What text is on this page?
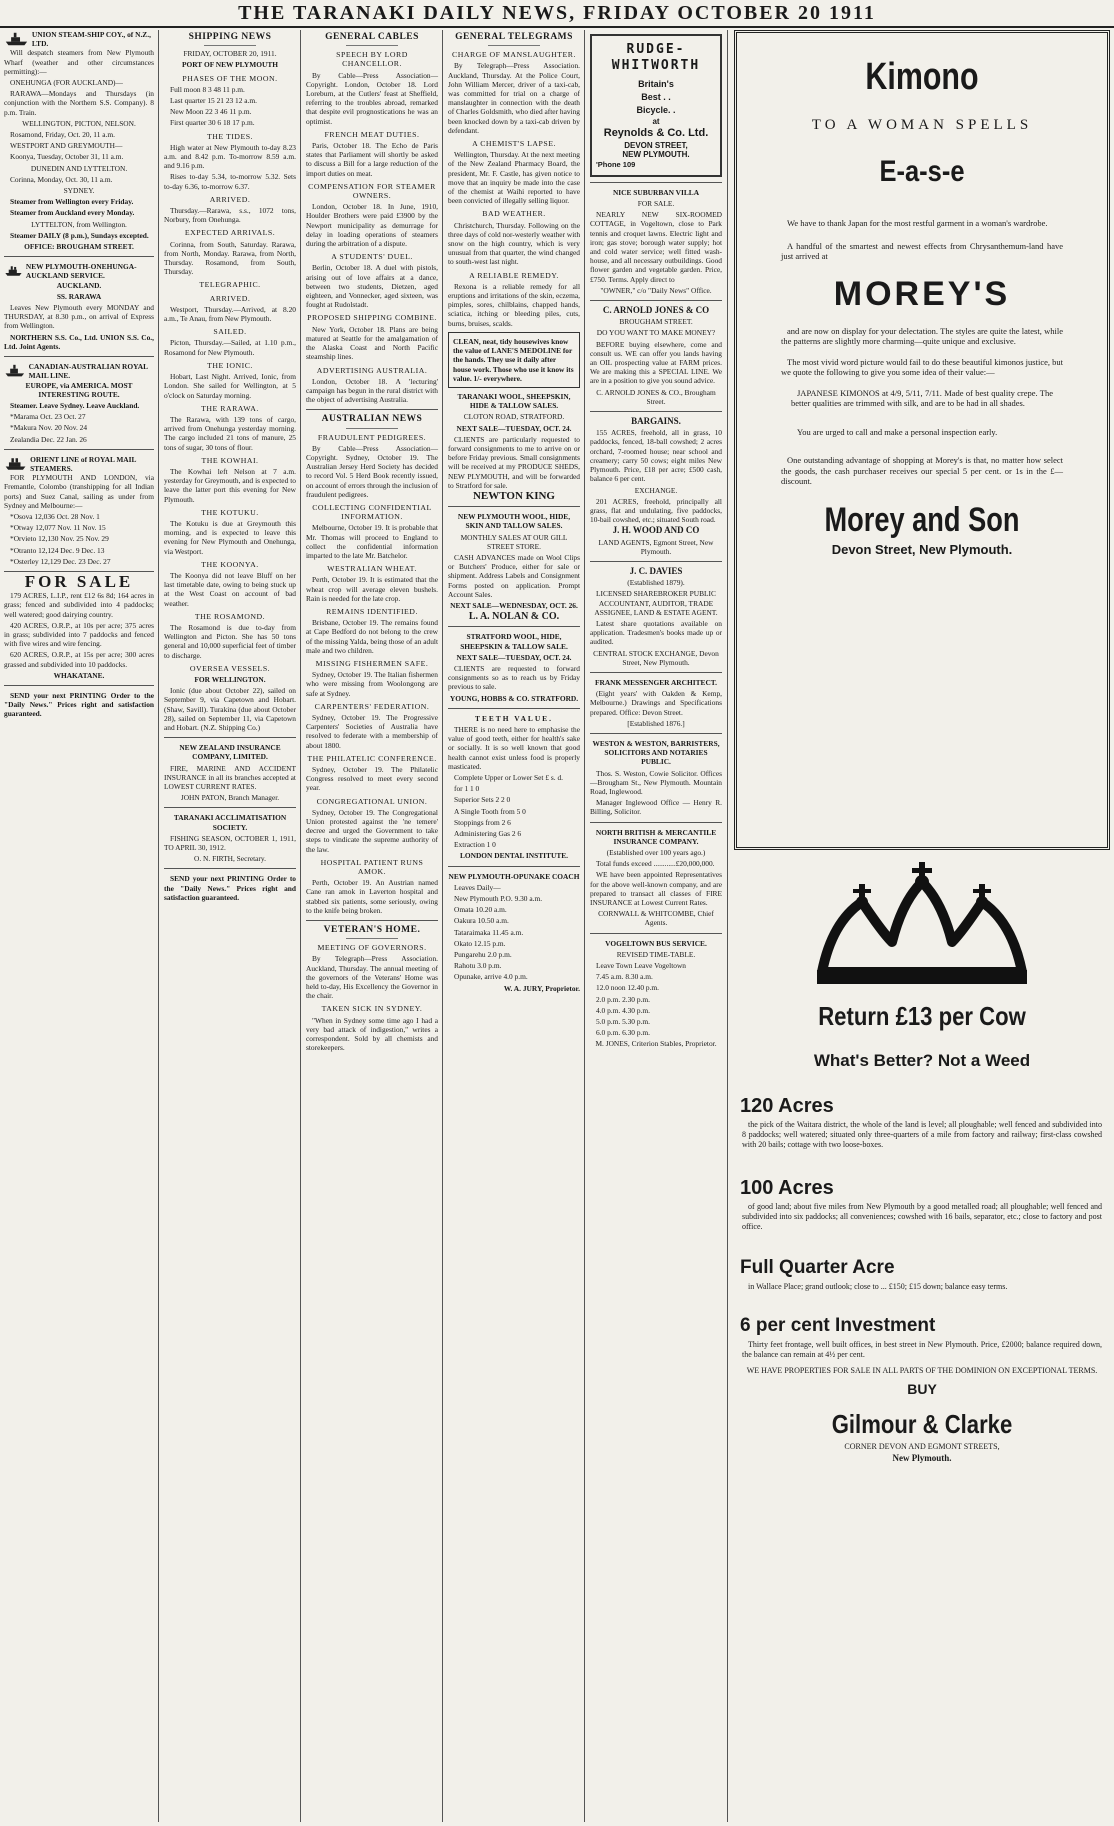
THE TARANAKI DAILY NEWS, FRIDAY OCTOBER 20 1911
UNION STEAM-SHIP COY., of N.Z., LTD.

Will despatch steamers from New Plymouth Wharf (weather and other circumstances permitting):—

ONEHUNGA (FOR AUCKLAND)—

RARAWA—Mondays and Thursdays (in conjunction with the Northern S.S. Company). 8 p.m. Train.

WELLINGTON, PICTON, NELSON.

Rosamond, Friday, Oct. 20, 11 a.m.

WESTPORT AND GREYMOUTH—

Koonya, Tuesday, October 31, 11 a.m.

DUNEDIN AND LYTTELTON.

Corinna, Monday, Oct. 30, 11 a.m.

SYDNEY.

Steamer from Wellington every Friday.

Steamer from Auckland every Monday.

LYTTELTON, from Wellington.

Steamer DAILY (8 p.m.), Sundays excepted.

OFFICE: BROUGHAM STREET.

NEW PLYMOUTH-ONEHUNGA-AUCKLAND SERVICE.

AUCKLAND.

SS. RARAWA

Leaves New Plymouth every MONDAY and THURSDAY, at 8.30 p.m., on arrival of Express from Wellington.

NORTHERN S.S. Co., Ltd. UNION S.S. Co., Ltd. Joint Agents.

CANADIAN-AUSTRALIAN ROYAL MAIL LINE.

EUROPE, via AMERICA. MOST INTERESTING ROUTE.

Steamer. Leave Sydney. Leave Auckland.

*Marama Oct. 23 Oct. 27

*Makura Nov. 20 Nov. 24

Zealandia Dec. 22 Jan. 26

ORIENT LINE of ROYAL MAIL STEAMERS.

FOR PLYMOUTH AND LONDON, via Fremantle, Colombo (transhipping for all Indian ports) and Suez Canal, sailing as under from Sydney and Melbourne:—

*Osova 12,036 Oct. 28 Nov. 1

*Otway 12,077 Nov. 11 Nov. 15

*Orvieto 12,130 Nov. 25 Nov. 29

*Otranto 12,124 Dec. 9 Dec. 13

*Osterley 12,129 Dec. 23 Dec. 27

FOR SALE

179 ACRES, L.I.P., rent £12 6s 8d; 164 acres in grass; fenced and subdivided into 4 paddocks; well watered; good dairying country.

420 ACRES, O.R.P., at 10s per acre; 375 acres in grass; subdivided into 7 paddocks and fenced with five wires and wire fencing.

620 ACRES, O.R.P., at 15s per acre; 300 acres grassed and subdivided into 10 paddocks.

WHAKATANE.

SEND your next PRINTING Order to the "Daily News." Prices right and satisfaction guaranteed.

SHIPPING NEWS

FRIDAY, OCTOBER 20, 1911.

PORT OF NEW PLYMOUTH

PHASES OF THE MOON.

Full moon 8 3 48 11 p.m.

Last quarter 15 21 23 12 a.m.

New Moon 22 3 46 11 p.m.

First quarter 30 6 18 17 p.m.

THE TIDES.

High water at New Plymouth to-day 8.23 a.m. and 8.42 p.m. To-morrow 8.59 a.m. and 9.16 p.m.

Rises to-day 5.34, to-morrow 5.32. Sets to-day 6.36, to-morrow 6.37.

ARRIVED.

Thursday.—Rarawa, s.s., 1072 tons, Norbury, from Onehunga.

EXPECTED ARRIVALS.

Corinna, from South, Saturday. Rarawa, from North, Monday. Rarawa, from North, Thursday. Rosamond, from South, Thursday.

TELEGRAPHIC.
ARRIVED.

Westport, Thursday.—Arrived, at 8.20 a.m., Te Anau, from New Plymouth.

SAILED.

Picton, Thursday.—Sailed, at 1.10 p.m., Rosamond for New Plymouth.

THE IONIC.

Hobart, Last Night. Arrived, Ionic, from London. She sailed for Wellington, at 5 o'clock on Saturday morning.

THE RARAWA.

The Rarawa, with 139 tons of cargo, arrived from Onehunga yesterday morning. The cargo included 21 tons of manure, 25 tons of sugar, 30 tons of flour.

THE KOWHAI.

The Kowhai left Nelson at 7 a.m. yesterday for Greymouth, and is expected to leave the latter port this evening for New Plymouth.

THE KOTUKU.

The Kotuku is due at Greymouth this morning, and is expected to leave this evening for New Plymouth and Onehunga, via Westport.

THE KOONYA.

The Koonya did not leave Bluff on her last timetable date, owing to being stuck up at the West Coast on account of bad weather.

THE ROSAMOND.

The Rosamond is due to-day from Wellington and Picton. She has 50 tons general and 10,000 superficial feet of timber to discharge.

OVERSEA VESSELS.

FOR WELLINGTON.

Ionic (due about October 22), sailed on September 9, via Capetown and Hobart. (Shaw, Savill). Turakina (due about October 28), sailed on September 11, via Capetown and Hobart. (N.Z. Shipping Co.)

NEW ZEALAND INSURANCE COMPANY, LIMITED.

FIRE, MARINE AND ACCIDENT INSURANCE in all its branches accepted at LOWEST CURRENT RATES.

JOHN PATON, Branch Manager.

TARANAKI ACCLIMATISATION SOCIETY.

FISHING SEASON, OCTOBER 1, 1911, TO APRIL 30, 1912.

O. N. FIRTH, Secretary.

SEND your next PRINTING Order to the "Daily News." Prices right and satisfaction guaranteed.

GENERAL CABLES
SPEECH BY LORD CHANCELLOR.

By Cable—Press Association—Copyright. London, October 18. Lord Loreburn, at the Cutlers' feast at Sheffield, referring to the troubles abroad, remarked that despite evil prognostications he was an optimist.

FRENCH MEAT DUTIES.

Paris, October 18. The Echo de Paris states that Parliament will shortly be asked to discuss a Bill for a large reduction of the import duties on meat.

COMPENSATION FOR STEAMER OWNERS.

London, October 18. In June, 1910, Houlder Brothers were paid £3900 by the Newport municipality as demurrage for delay in loading operations of steamers during the arbitration of a dispute.

A STUDENTS' DUEL.

Berlin, October 18. A duel with pistols, arising out of love affairs at a dance, between two students, Dietzen, aged eighteen, and Vonnecker, aged sixteen, was fought at Rudolstadt.

PROPOSED SHIPPING COMBINE.

New York, October 18. Plans are being matured at Seattle for the amalgamation of the Alaska Coast and North Pacific steamship lines.

ADVERTISING AUSTRALIA.

London, October 18. A 'lecturing' campaign has begun in the rural district with the object of advertising Australia.

AUSTRALIAN NEWS
FRAUDULENT PEDIGREES.

By Cable—Press Association—Copyright. Sydney, October 19. The Australian Jersey Herd Society has decided to record Vol. 5 Herd Book recently issued, on account of errors through the inclusion of fraudulent pedigrees.

COLLECTING CONFIDENTIAL INFORMATION.

Melbourne, October 19. It is probable that Mr. Thomas will proceed to England to collect the confidential information imparted to the late Mr. Batchelor.

WESTRALIAN WHEAT.

Perth, October 19. It is estimated that the wheat crop will average eleven bushels. Rain is needed for the late crop.

REMAINS IDENTIFIED.

Brisbane, October 19. The remains found at Cape Bedford do not belong to the crew of the missing Yalda, being those of an adult male and two children.

MISSING FISHERMEN SAFE.

Sydney, October 19. The Italian fishermen who were missing from Woolongong are safe at Sydney.

CARPENTERS' FEDERATION.

Sydney, October 19. The Progressive Carpenters' Societies of Australia have resolved to federate with a membership of about 1800.

THE PHILATELIC CONFERENCE.

Sydney, October 19. The Philatelic Congress resolved to meet every second year.

CONGREGATIONAL UNION.

Sydney, October 19. The Congregational Union protested against the 'ne temere' decree and urged the Government to take steps to vindicate the supreme authority of the law.

HOSPITAL PATIENT RUNS AMOK.

Perth, October 19. An Austrian named Cane ran amok in Laverton hospital and stabbed six patients, some seriously, owing to the knife being broken.

VETERAN'S HOME.
MEETING OF GOVERNORS.

By Telegraph—Press Association. Auckland, Thursday. The annual meeting of the governors of the Veterans' Home was held to-day, His Excellency the Governor in the chair.

TAKEN SICK IN SYDNEY.

"When in Sydney some time ago I had a very bad attack of indigestion," writes a correspondent. Sold by all chemists and storekeepers.

GENERAL TELEGRAMS
CHARGE OF MANSLAUGHTER.

By Telegraph—Press Association. Auckland, Thursday. At the Police Court, John William Mercer, driver of a taxi-cab, was committed for trial on a charge of manslaughter in connection with the death of Charles Goldsmith, who died after having been knocked down by a taxi-cab driven by defendant.

A CHEMIST'S LAPSE.

Wellington, Thursday. At the next meeting of the New Zealand Pharmacy Board, the president, Mr. F. Castle, has given notice to move that an inquiry be made into the case of the chemist at Waihi reported to have been convicted of illegally selling liquor.

BAD WEATHER.

Christchurch, Thursday. Following on the three days of cold nor-westerly weather with snow on the high country, which is very unusual from that quarter, the wind changed to south-west last night.

A RELIABLE REMEDY.

Rexona is a reliable remedy for all eruptions and irritations of the skin, eczema, pimples, sores, chilblains, chapped hands, sciatica, itching or bleeding piles, cuts, burns, bruises, scalds.

CLEAN, neat, tidy housewives know the value of LANE'S MEDOLINE for the hands. They use it daily after house work. Those who use it know its value. 1/- everywhere.

TARANAKI WOOL, SHEEPSKIN, HIDE & TALLOW SALES.

CLOTON ROAD, STRATFORD.

NEXT SALE—TUESDAY, OCT. 24.

CLIENTS are particularly requested to forward consignments to me to arrive on or before Friday previous. Small consignments will be received at my PRODUCE SHEDS, NEW PLYMOUTH, and will be forwarded to Stratford for sale.

NEWTON KING

NEW PLYMOUTH WOOL, HIDE, SKIN AND TALLOW SALES.

MONTHLY SALES AT OUR GILL STREET STORE.

CASH ADVANCES made on Wool Clips or Butchers' Produce, either for sale or shipment. Address Labels and Consignment Forms posted on application. Prompt Account Sales.

NEXT SALE—WEDNESDAY, OCT. 26.

L. A. NOLAN & CO.

STRATFORD WOOL, HIDE, SHEEPSKIN & TALLOW SALE.

NEXT SALE—TUESDAY, OCT. 24.

CLIENTS are requested to forward consignments so as to reach us by Friday previous to sale.

YOUNG, HOBBS & CO. STRATFORD.

TEETH VALUE.

THERE is no need here to emphasise the value of good teeth, either for health's sake or socially. It is so well known that good health cannot exist unless food is properly masticated.

Complete Upper or Lower Set £ s. d.

for 1 1 0

Superior Sets 2 2 0

A Single Tooth from 5 0

Stoppings from 2 6

Administering Gas 2 6

Extraction 1 0

LONDON DENTAL INSTITUTE.

NEW PLYMOUTH-OPUNAKE COACH

Leaves Daily—

New Plymouth P.O. 9.30 a.m.

Omata 10.20 a.m.

Oakura 10.50 a.m.

Tataraimaka 11.45 a.m.

Okato 12.15 p.m.

Pungarehu 2.0 p.m.

Rahotu 3.0 p.m.

Opunake, arrive 4.0 p.m.

W. A. JURY, Proprietor.

RUDGE-WHITWORTH
Britain's
Best . .
Bicycle. .
at
Reynolds & Co. Ltd.
DEVON STREET,
NEW PLYMOUTH.
'Phone 109

NICE SUBURBAN VILLA

FOR SALE.

NEARLY NEW SIX-ROOMED COTTAGE, in Vogeltown, close to Park tennis and croquet lawns. Electric light and iron; gas stove; borough water supply; hot and cold water service; well fitted wash-house, and all necessary outbuildings. Good flower garden and vegetable garden. Price, £750. Terms. Apply direct to

"OWNER," c/o "Daily News" Office.

C. ARNOLD JONES & CO

BROUGHAM STREET.

DO YOU WANT TO MAKE MONEY?

BEFORE buying elsewhere, come and consult us. WE can offer you lands having an OIL prospecting value at FARM prices. We are making this a SPECIAL LINE. We are in a position to give you sound advice.

C. ARNOLD JONES & CO., Brougham Street.

BARGAINS.

155 ACRES, freehold, all in grass, 10 paddocks, fenced, 18-ball cowshed; 2 acres orchard, 7-roomed house; near school and creamery; carry 50 cows; eight miles New Plymouth. Price, £18 per acre; £500 cash, balance 6 per cent.

EXCHANGE.

201 ACRES, freehold, principally all grass, flat and undulating, five paddocks, 10-bail cowshed, etc.; situated South road.

J. H. WOOD AND CO

LAND AGENTS, Egmont Street, New Plymouth.

J. C. DAVIES

(Established 1879).

LICENSED SHAREBROKER PUBLIC ACCOUNTANT, AUDITOR, TRADE ASSIGNEE, LAND & ESTATE AGENT.

Latest share quotations available on application. Tradesmen's books made up or audited.

CENTRAL STOCK EXCHANGE, Devon Street, New Plymouth.

FRANK MESSENGER ARCHITECT.

(Eight years' with Oakden & Kemp, Melbourne.) Drawings and Specifications prepared. Office: Devon Street.

[Established 1876.]

WESTON & WESTON, BARRISTERS, SOLICITORS AND NOTARIES PUBLIC.

Thos. S. Weston, Cowie Solicitor. Offices—Brougham St., New Plymouth. Mountain Road, Inglewood.

Manager Inglewood Office — Henry R. Billing, Solicitor.

NORTH BRITISH & MERCANTILE INSURANCE COMPANY.

(Established over 100 years ago.)

Total funds exceed ............£20,000,000.

WE have been appointed Representatives for the above well-known company, and are prepared to transact all classes of FIRE INSURANCE at Lowest Current Rates.

CORNWALL & WHITCOMBE, Chief Agents.

VOGELTOWN BUS SERVICE.

REVISED TIME-TABLE.

Leave Town Leave Vogeltown

7.45 a.m. 8.30 a.m.

12.0 noon 12.40 p.m.

2.0 p.m. 2.30 p.m.

4.0 p.m. 4.30 p.m.

5.0 p.m. 5.30 p.m.

6.0 p.m. 6.30 p.m.

M. JONES, Criterion Stables, Proprietor.

Kimono
TO A WOMAN SPELLS
E-a-s-e

We have to thank Japan for the most restful garment in a woman's wardrobe.

A handful of the smartest and newest effects from Chrysanthemum-land have just arrived at

MOREY'S

and are now on display for your delectation. The styles are quite the latest, while the patterns are slightly more charming—quite unique and exclusive.

The most vivid word picture would fail to do these beautiful kimonos justice, but we quote the following to give you some idea of their value:—

JAPANESE KIMONOS at 4/9, 5/11, 7/11. Made of best quality crepe. The better qualities are trimmed with silk, and are to be had in all shades.

You are urged to call and make a personal inspection early.

One outstanding advantage of shopping at Morey's is that, no matter how select the goods, the cash purchaser receives our special 5 per cent. or 1s in the £—discount.

Morey and Son
Devon Street, New Plymouth.
Return £13 per Cow
What's Better? Not a Weed
120 Acres

the pick of the Waitara district, the whole of the land is level; all ploughable; well fenced and subdivided into 8 paddocks; well watered; situated only three-quarters of a mile from factory and railway; first-class cowshed with 20 bails; cottage with two loose-boxes.

100 Acres

of good land; about five miles from New Plymouth by a good metalled road; all ploughable; well fenced and subdivided into six paddocks; all conveniences; cowshed with 16 bails, separator, etc.; close to factory and post office.

Full Quarter Acre

in Wallace Place; grand outlook; close to ... £150; £15 down; balance easy terms.

6 per cent Investment

Thirty feet frontage, well built offices, in best street in New Plymouth. Price, £2000; balance required down, the balance can remain at 4½ per cent.

WE HAVE PROPERTIES FOR SALE IN ALL PARTS OF THE DOMINION ON EXCEPTIONAL TERMS.

BUY
Gilmour & Clarke

CORNER DEVON AND EGMONT STREETS,

New Plymouth.
